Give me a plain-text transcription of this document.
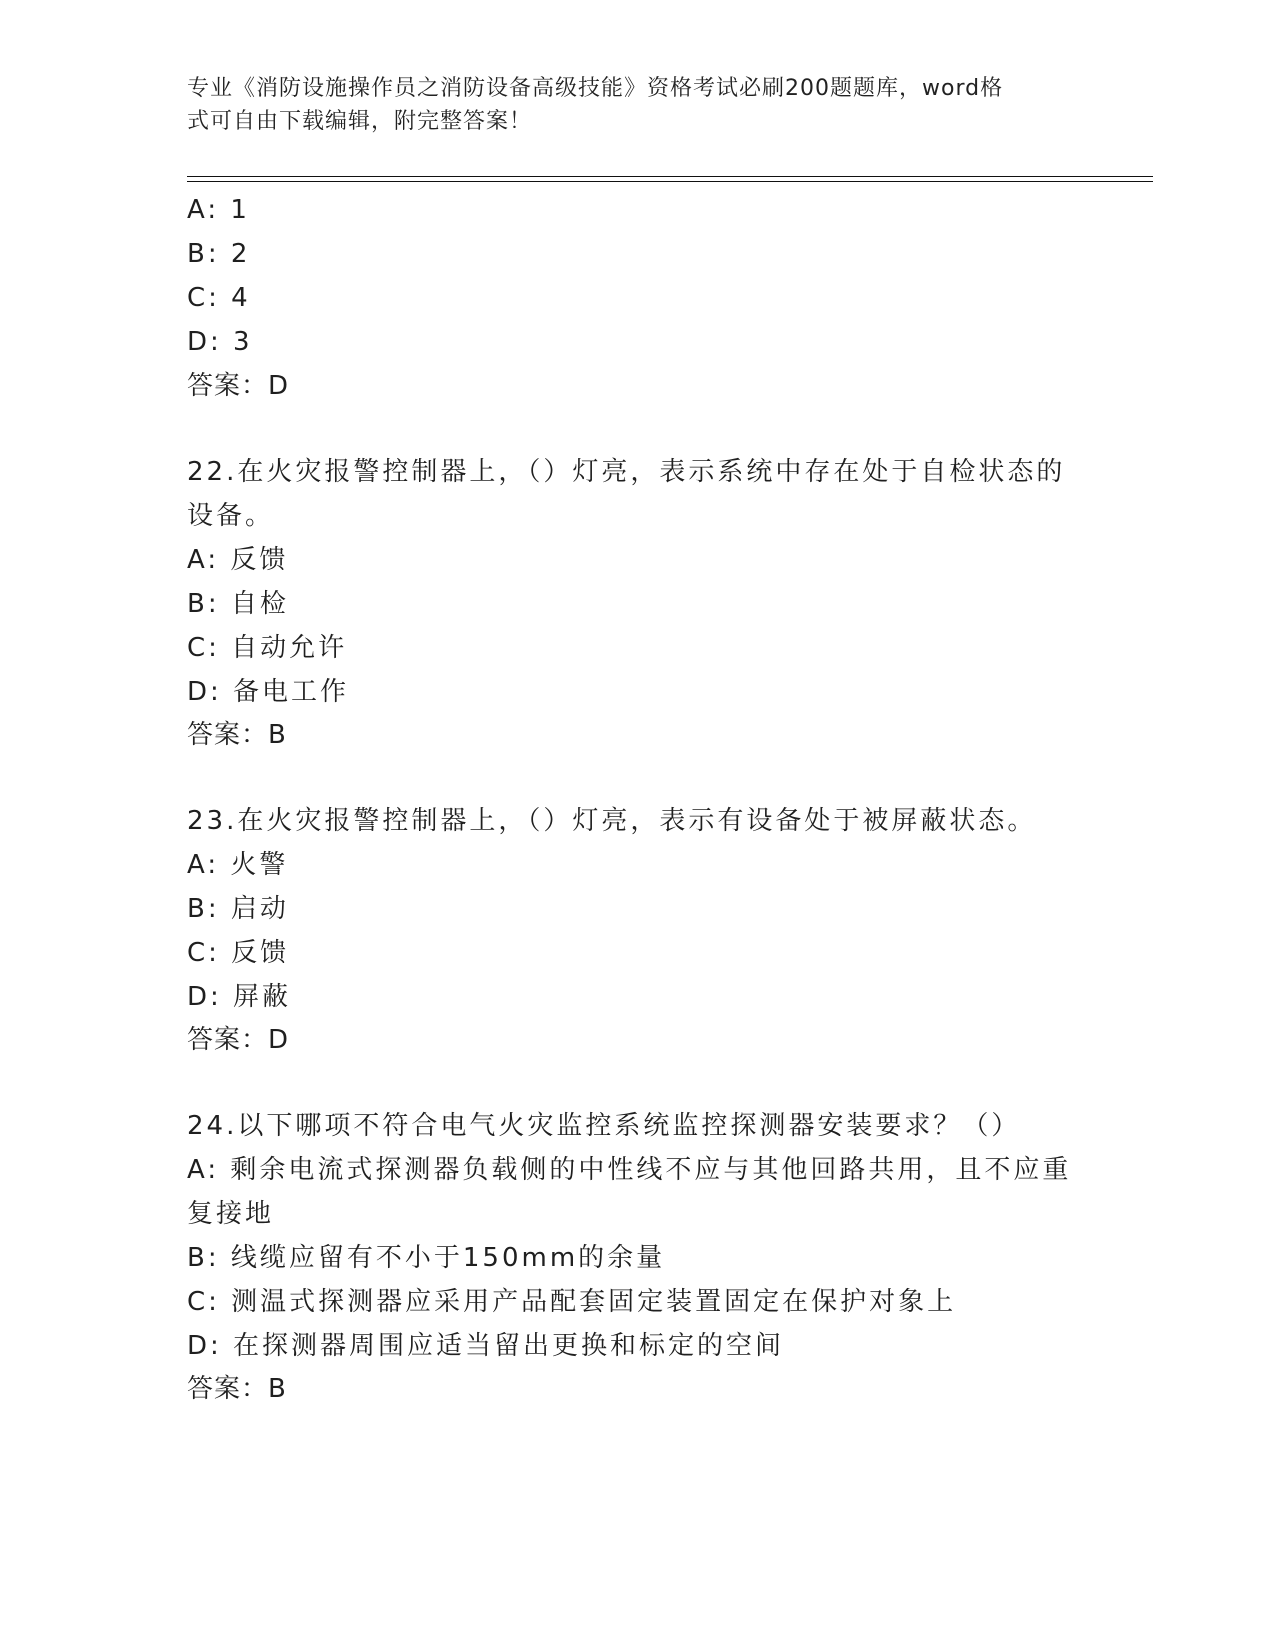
专业《消防设施操作员之消防设备高级技能》资格考试必刷200题题库，word格
式可自由下载编辑，附完整答案！
A: 1
B: 2
C: 4
D: 3
答案：D
22.在火灾报警控制器上，（）灯亮，表示系统中存在处于自检状态的
设备。
A: 反馈
B: 自检
C: 自动允许
D: 备电工作
答案：B
23.在火灾报警控制器上，（）灯亮，表示有设备处于被屏蔽状态。
A: 火警
B: 启动
C: 反馈
D: 屏蔽
答案：D
24.以下哪项不符合电气火灾监控系统监控探测器安装要求？（）
A: 剩余电流式探测器负载侧的中性线不应与其他回路共用，且不应重
复接地
B: 线缆应留有不小于150mm的余量
C: 测温式探测器应采用产品配套固定装置固定在保护对象上
D: 在探测器周围应适当留出更换和标定的空间
答案：B
